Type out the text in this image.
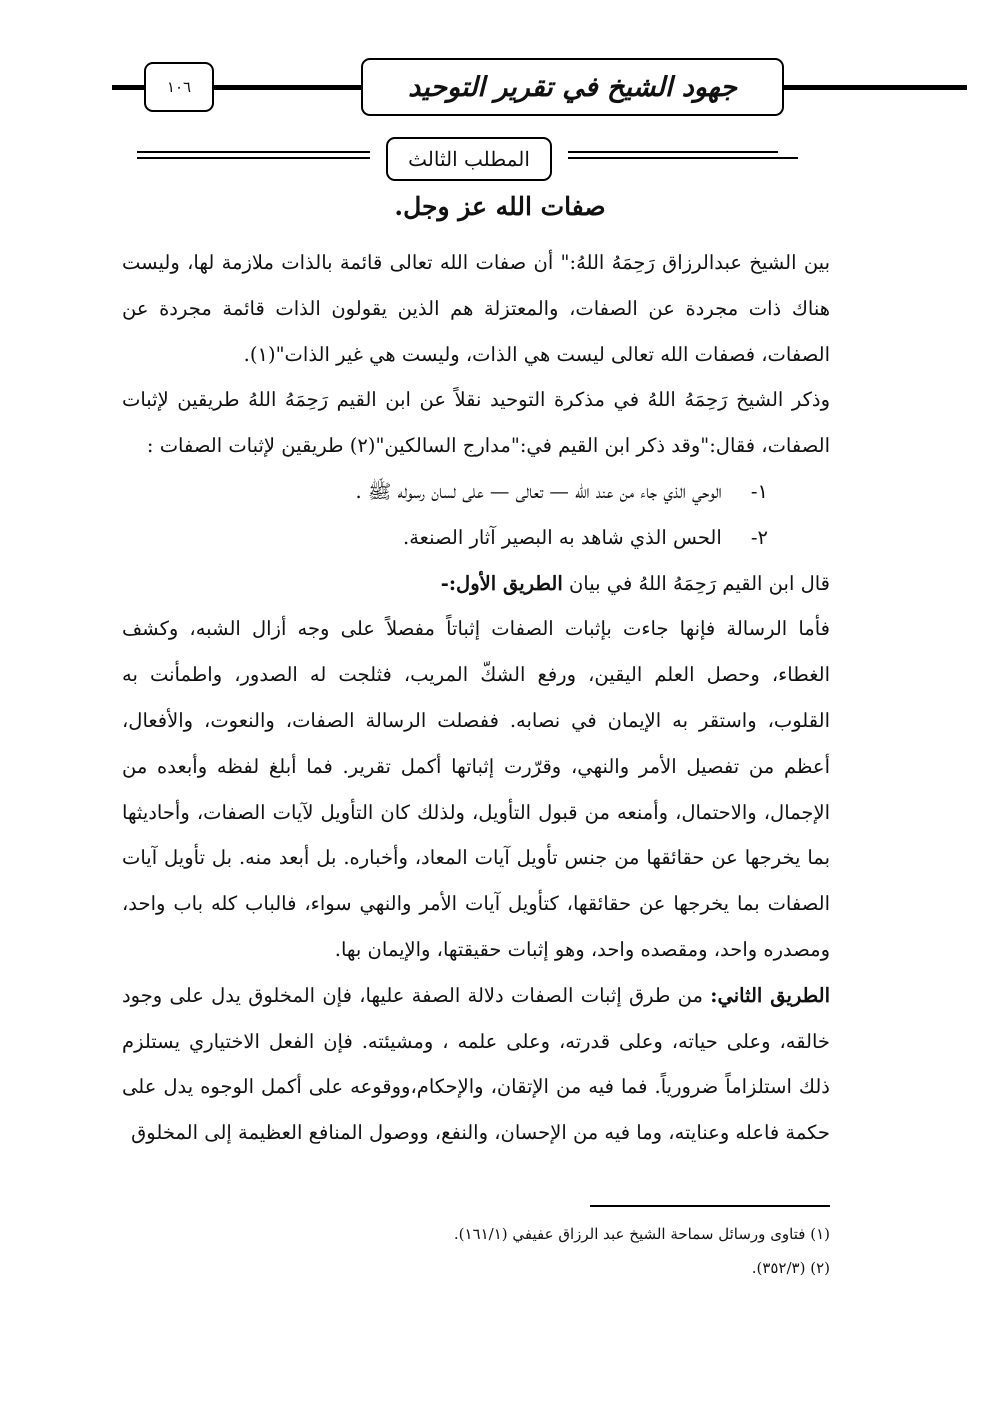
١٠٦	جهود الشيخ في تقرير التوحيد
المطلب الثالث
صفات الله عز وجل.

بين الشيخ عبدالرزاق رَحِمَهُ اللهُ:" أن صفات الله تعالى قائمة بالذات ملازمة لها، وليست هناك ذات مجردة عن الصفات، والمعتزلة هم الذين يقولون الذات قائمة مجردة عن الصفات، فصفات الله تعالى ليست هي الذات، وليست هي غير الذات"(١).

وذكر الشيخ رَحِمَهُ اللهُ في مذكرة التوحيد نقلاً عن ابن القيم رَحِمَهُ اللهُ طريقين لإثبات الصفات، فقال:"وقد ذكر ابن القيم في:"مدارج السالكين"(٢) طريقين لإثبات الصفات :

١- الوحي الذي جاء من عند الله — تعالى — على لسان رسوله ﷺ .

٢- الحس الذي شاهد به البصير آثار الصنعة.

قال ابن القيم رَحِمَهُ اللهُ في بيان الطريق الأول:-

فأما الرسالة فإنها جاءت بإثبات الصفات إثباتاً مفصلاً على وجه أزال الشبه، وكشف الغطاء، وحصل العلم اليقين، ورفع الشكّ المريب، فثلجت له الصدور، واطمأنت به القلوب، واستقر به الإيمان في نصابه. ففصلت الرسالة الصفات، والنعوت، والأفعال، أعظم من تفصيل الأمر والنهي، وقرّرت إثباتها أكمل تقرير. فما أبلغ لفظه وأبعده من الإجمال، والاحتمال، وأمنعه من قبول التأويل، ولذلك كان التأويل لآيات الصفات، وأحاديثها بما يخرجها عن حقائقها من جنس تأويل آيات المعاد، وأخباره. بل أبعد منه. بل تأويل آيات الصفات بما يخرجها عن حقائقها، كتأويل آيات الأمر والنهي سواء، فالباب كله باب واحد، ومصدره واحد، ومقصده واحد، وهو إثبات حقيقتها، والإيمان بها.

الطريق الثاني: من طرق إثبات الصفات دلالة الصفة عليها، فإن المخلوق يدل على وجود خالقه، وعلى حياته، وعلى قدرته، وعلى علمه ، ومشيئته. فإن الفعل الاختياري يستلزم ذلك استلزاماً ضرورياً. فما فيه من الإتقان، والإحكام،ووقوعه على أكمل الوجوه يدل على حكمة فاعله وعنايته، وما فيه من الإحسان، والنفع، ووصول المنافع العظيمة إلى المخلوق

(١) فتاوى ورسائل سماحة الشيخ عبد الرزاق عفيفي (١٦١/١).

(٢) (٣٥٢/٣).
